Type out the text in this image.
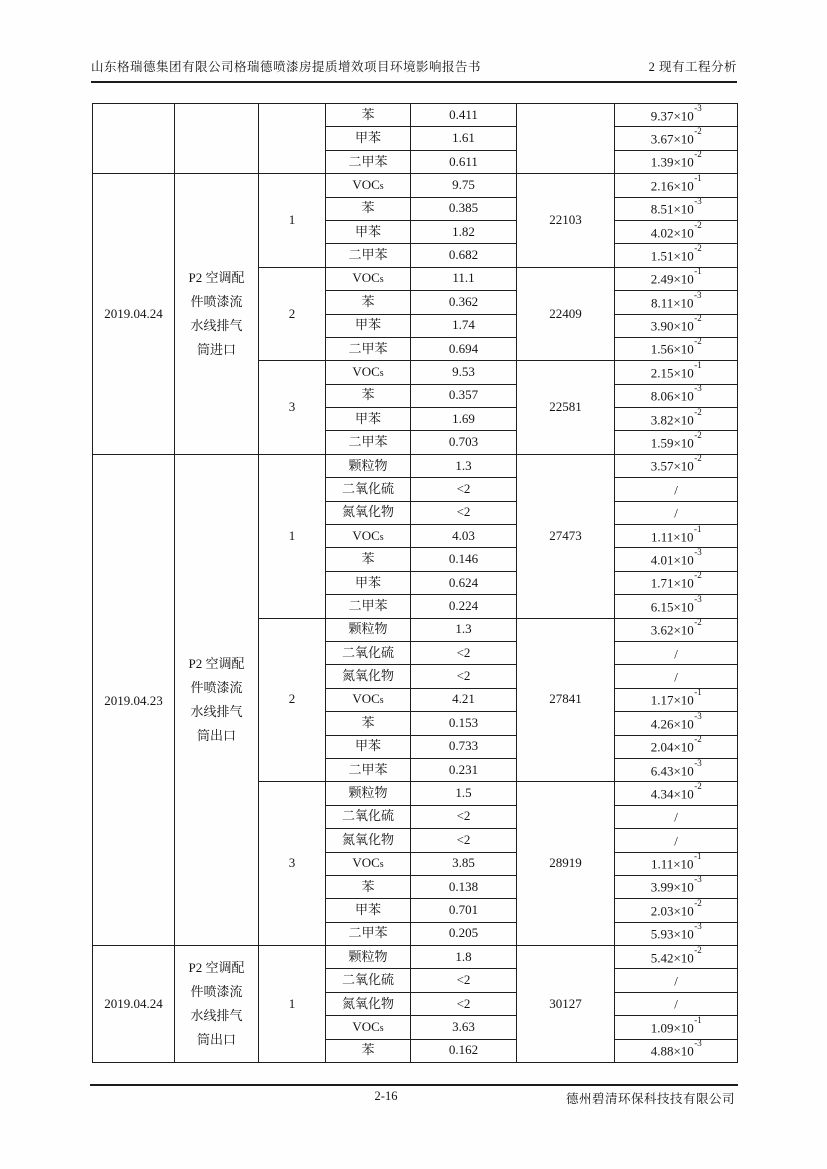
山东格瑞德集团有限公司格瑞德喷漆房提质增效项目环境影响报告书	2 现有工程分析
			苯	0.411		$9.37\times 10^{-3}$
			甲苯	1.61		$3.67\times 10^{-2}$
			二甲苯	0.611		$1.39\times 10^{-2}$
2019.04.24	P2 空调配
件喷漆流
水线排气
筒进口	1	VOCs	9.75	22103	$2.16\times 10^{-1}$
			苯	0.385		$8.51\times 10^{-3}$
			甲苯	1.82		$4.02\times 10^{-2}$
			二甲苯	0.682		$1.51\times 10^{-2}$
		2	VOCs	11.1	22409	$2.49\times 10^{-1}$
			苯	0.362		$8.11\times 10^{-3}$
			甲苯	1.74		$3.90\times 10^{-2}$
			二甲苯	0.694		$1.56\times 10^{-2}$
		3	VOCs	9.53	22581	$2.15\times 10^{-1}$
			苯	0.357		$8.06\times 10^{-3}$
			甲苯	1.69		$3.82\times 10^{-2}$
			二甲苯	0.703		$1.59\times 10^{-2}$
2019.04.23	P2 空调配
件喷漆流
水线排气
筒出口	1	颗粒物	1.3	27473	$3.57\times 10^{-2}$
			二氧化硫	<2		/
			氮氧化物	<2		/
			VOCs	4.03		$1.11\times 10^{-1}$
			苯	0.146		$4.01\times 10^{-3}$
			甲苯	0.624		$1.71\times 10^{-2}$
			二甲苯	0.224		$6.15\times 10^{-3}$
		2	颗粒物	1.3	27841	$3.62\times 10^{-2}$
			二氧化硫	<2		/
			氮氧化物	<2		/
			VOCs	4.21		$1.17\times 10^{-1}$
			苯	0.153		$4.26\times 10^{-3}$
			甲苯	0.733		$2.04\times 10^{-2}$
			二甲苯	0.231		$6.43\times 10^{-3}$
		3	颗粒物	1.5	28919	$4.34\times 10^{-2}$
			二氧化硫	<2		/
			氮氧化物	<2		/
			VOCs	3.85		$1.11\times 10^{-1}$
			苯	0.138		$3.99\times 10^{-3}$
			甲苯	0.701		$2.03\times 10^{-2}$
			二甲苯	0.205		$5.93\times 10^{-3}$
2019.04.24	P2 空调配
件喷漆流
水线排气
筒出口	1	颗粒物	1.8	30127	$5.42\times 10^{-2}$
			二氧化硫	<2		/
			氮氧化物	<2		/
			VOCs	3.63		$1.09\times 10^{-1}$
			苯	0.162		$4.88\times 10^{-3}$
2-16	德州碧清环保科技技有限公司
